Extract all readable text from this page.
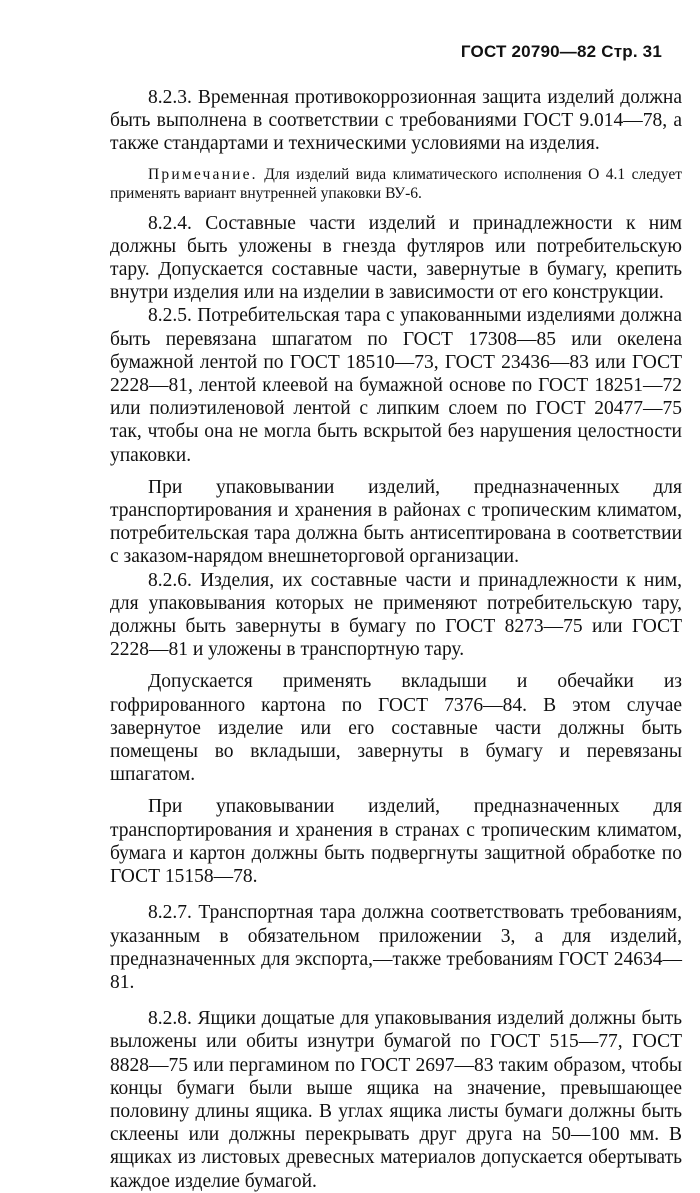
ГОСТ 20790—82 Стр. 31

8.2.3. Временная противокоррозионная защита изделий должна быть выполнена в соответствии с требованиями ГОСТ 9.014—78, а также стандартами и техническими условиями на изделия.

Примечание. Для изделий вида климатического исполнения О 4.1 следует применять вариант внутренней упаковки ВУ-6.

8.2.4. Составные части изделий и принадлежности к ним должны быть уложены в гнезда футляров или потребительскую тару. Допускается составные части, завернутые в бумагу, крепить внутри изделия или на изделии в зависимости от его конструкции.

8.2.5. Потребительская тара с упакованными изделиями должна быть перевязана шпагатом по ГОСТ 17308—85 или окелена бумажной лентой по ГОСТ 18510—73, ГОСТ 23436—83 или ГОСТ 2228—81, лентой клеевой на бумажной основе по ГОСТ 18251—72 или полиэтиленовой лентой с липким слоем по ГОСТ 20477—75 так, чтобы она не могла быть вскрытой без нарушения целостности упаковки.

При упаковывании изделий, предназначенных для транспортирования и хранения в районах с тропическим климатом, потребительская тара должна быть антисептирована в соответствии с заказом-нарядом внешнеторговой организации.

8.2.6. Изделия, их составные части и принадлежности к ним, для упаковывания которых не применяют потребительскую тару, должны быть завернуты в бумагу по ГОСТ 8273—75 или ГОСТ 2228—81 и уложены в транспортную тару.

Допускается применять вкладыши и обечайки из гофрированного картона по ГОСТ 7376—84. В этом случае завернутое изделие или его составные части должны быть помещены во вкладыши, завернуты в бумагу и перевязаны шпагатом.

При упаковывании изделий, предназначенных для транспортирования и хранения в странах с тропическим климатом, бумага и картон должны быть подвергнуты защитной обработке по ГОСТ 15158—78.

8.2.7. Транспортная тара должна соответствовать требованиям, указанным в обязательном приложении 3, а для изделий, предназначенных для экспорта,—также требованиям ГОСТ 24634—81.

8.2.8. Ящики дощатые для упаковывания изделий должны быть выложены или обиты изнутри бумагой по ГОСТ 515—77, ГОСТ 8828—75 или пергамином по ГОСТ 2697—83 таким образом, чтобы концы бумаги были выше ящика на значение, превышающее половину длины ящика. В углах ящика листы бумаги должны быть склеены или должны перекрывать друг друга на 50—100 мм. В ящиках из листовых древесных материалов допускается обертывать каждое изделие бумагой.
